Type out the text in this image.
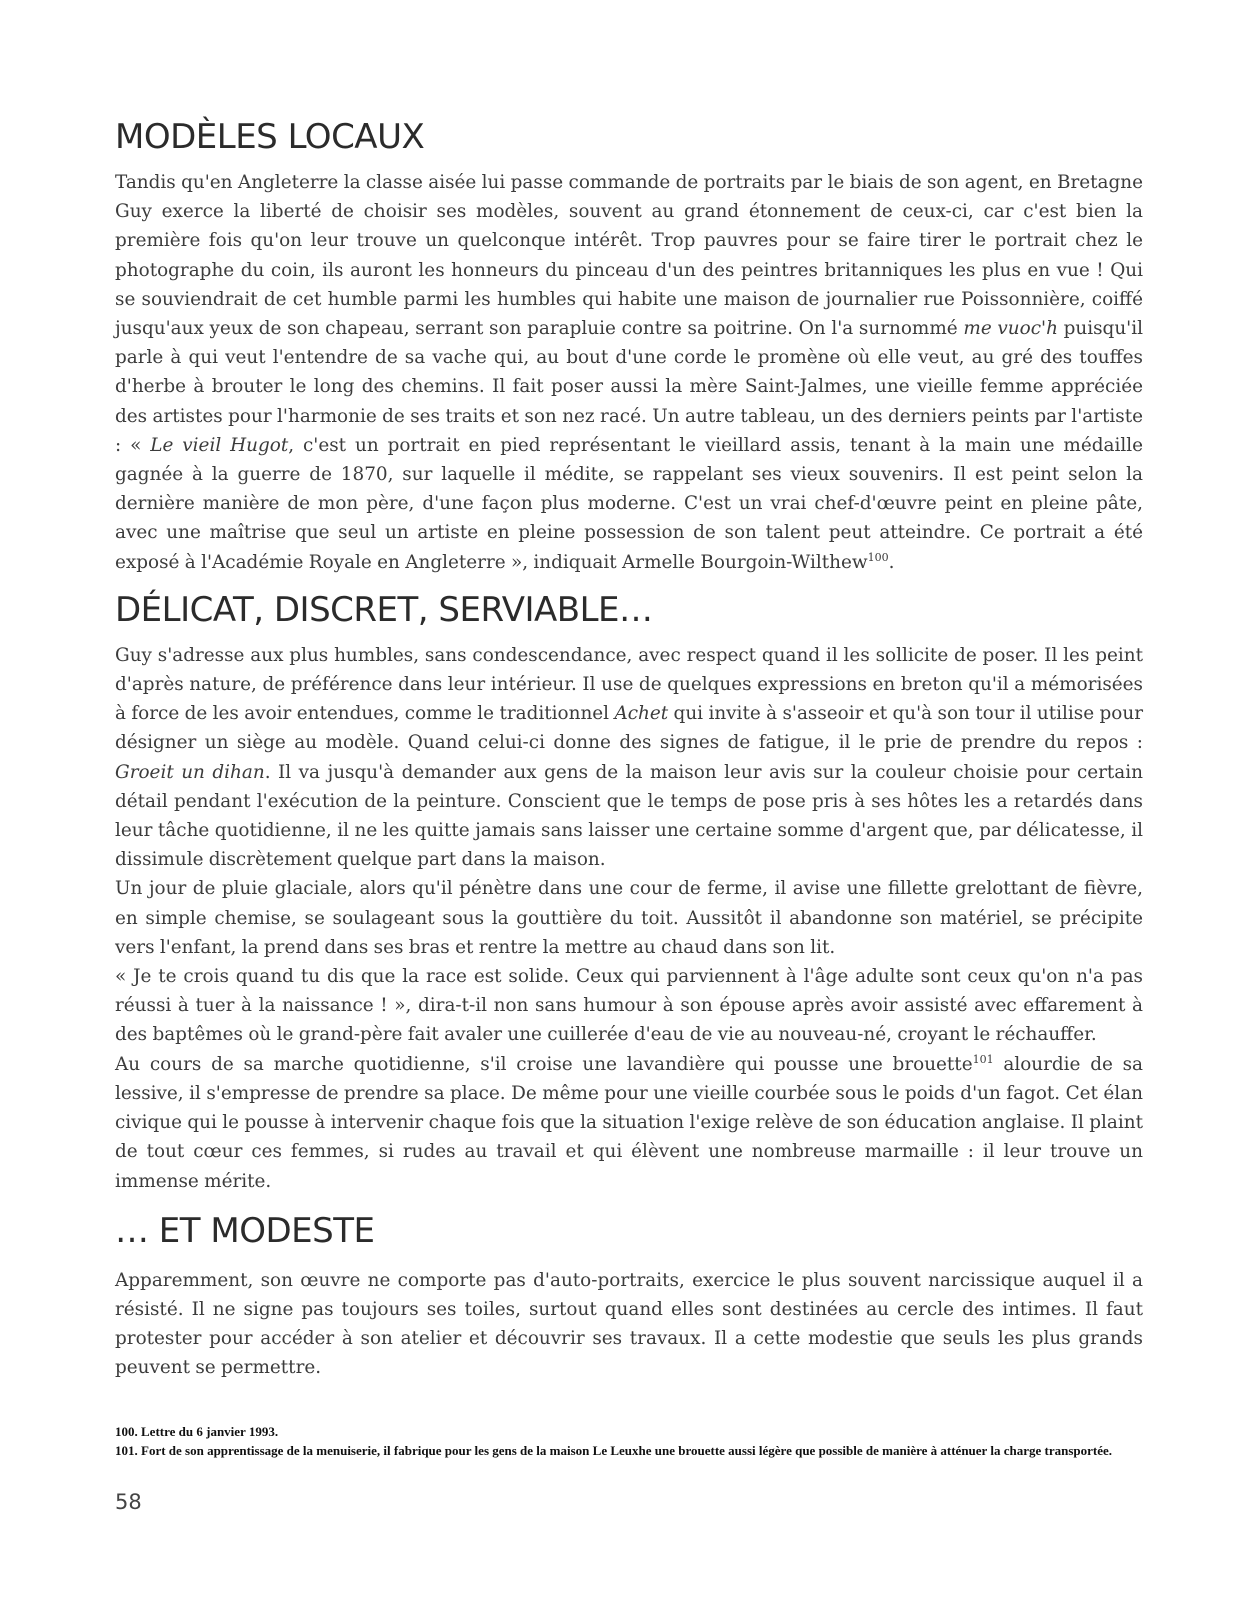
MODÈLES LOCAUX

Tandis qu'en Angleterre la classe aisée lui passe commande de portraits par le biais de son agent, en Bretagne Guy exerce la liberté de choisir ses modèles, souvent au grand étonnement de ceux-ci, car c'est bien la première fois qu'on leur trouve un quelconque intérêt. Trop pauvres pour se faire tirer le portrait chez le photographe du coin, ils auront les honneurs du pinceau d'un des peintres britanniques les plus en vue ! Qui se souviendrait de cet humble parmi les humbles qui habite une maison de journalier rue Poissonnière, coiffé jusqu'aux yeux de son chapeau, serrant son parapluie contre sa poitrine. On l'a surnommé me vuoc'h puisqu'il parle à qui veut l'entendre de sa vache qui, au bout d'une corde le promène où elle veut, au gré des touffes d'herbe à brouter le long des chemins. Il fait poser aussi la mère Saint-Jalmes, une vieille femme appréciée des artistes pour l'harmonie de ses traits et son nez racé. Un autre tableau, un des derniers peints par l'artiste : « Le vieil Hugot, c'est un portrait en pied représentant le vieillard assis, tenant à la main une médaille gagnée à la guerre de 1870, sur laquelle il médite, se rappelant ses vieux souvenirs. Il est peint selon la dernière manière de mon père, d'une façon plus moderne. C'est un vrai chef-d'œuvre peint en pleine pâte, avec une maîtrise que seul un artiste en pleine possession de son talent peut atteindre. Ce portrait a été exposé à l'Académie Royale en Angleterre », indiquait Armelle Bourgoin-Wilthew$^{100}$.

DÉLICAT, DISCRET, SERVIABLE…

Guy s'adresse aux plus humbles, sans condescendance, avec respect quand il les sollicite de poser. Il les peint d'après nature, de préférence dans leur intérieur. Il use de quelques expressions en breton qu'il a mémorisées à force de les avoir entendues, comme le traditionnel Achet qui invite à s'asseoir et qu'à son tour il utilise pour désigner un siège au modèle. Quand celui-ci donne des signes de fatigue, il le prie de prendre du repos : Groeit un dihan. Il va jusqu'à demander aux gens de la maison leur avis sur la couleur choisie pour certain détail pendant l'exécution de la peinture. Conscient que le temps de pose pris à ses hôtes les a retardés dans leur tâche quotidienne, il ne les quitte jamais sans laisser une certaine somme d'argent que, par délicatesse, il dissimule discrètement quelque part dans la maison.

Un jour de pluie glaciale, alors qu'il pénètre dans une cour de ferme, il avise une fillette grelottant de fièvre, en simple chemise, se soulageant sous la gouttière du toit. Aussitôt il abandonne son matériel, se précipite vers l'enfant, la prend dans ses bras et rentre la mettre au chaud dans son lit.

« Je te crois quand tu dis que la race est solide. Ceux qui parviennent à l'âge adulte sont ceux qu'on n'a pas réussi à tuer à la naissance ! », dira-t-il non sans humour à son épouse après avoir assisté avec effarement à des baptêmes où le grand-père fait avaler une cuillerée d'eau de vie au nouveau-né, croyant le réchauffer.

Au cours de sa marche quotidienne, s'il croise une lavandière qui pousse une brouette$^{101}$ alourdie de sa lessive, il s'empresse de prendre sa place. De même pour une vieille courbée sous le poids d'un fagot. Cet élan civique qui le pousse à intervenir chaque fois que la situation l'exige relève de son éducation anglaise. Il plaint de tout cœur ces femmes, si rudes au travail et qui élèvent une nombreuse marmaille : il leur trouve un immense mérite.

… ET MODESTE

Apparemment, son œuvre ne comporte pas d'auto-portraits, exercice le plus souvent narcissique auquel il a résisté. Il ne signe pas toujours ses toiles, surtout quand elles sont destinées au cercle des intimes. Il faut protester pour accéder à son atelier et découvrir ses travaux. Il a cette modestie que seuls les plus grands peuvent se permettre.

100. Lettre du 6 janvier 1993.
101. Fort de son apprentissage de la menuiserie, il fabrique pour les gens de la maison Le Leuxhe une brouette aussi légère que possible de manière à atténuer la charge transportée.
58
